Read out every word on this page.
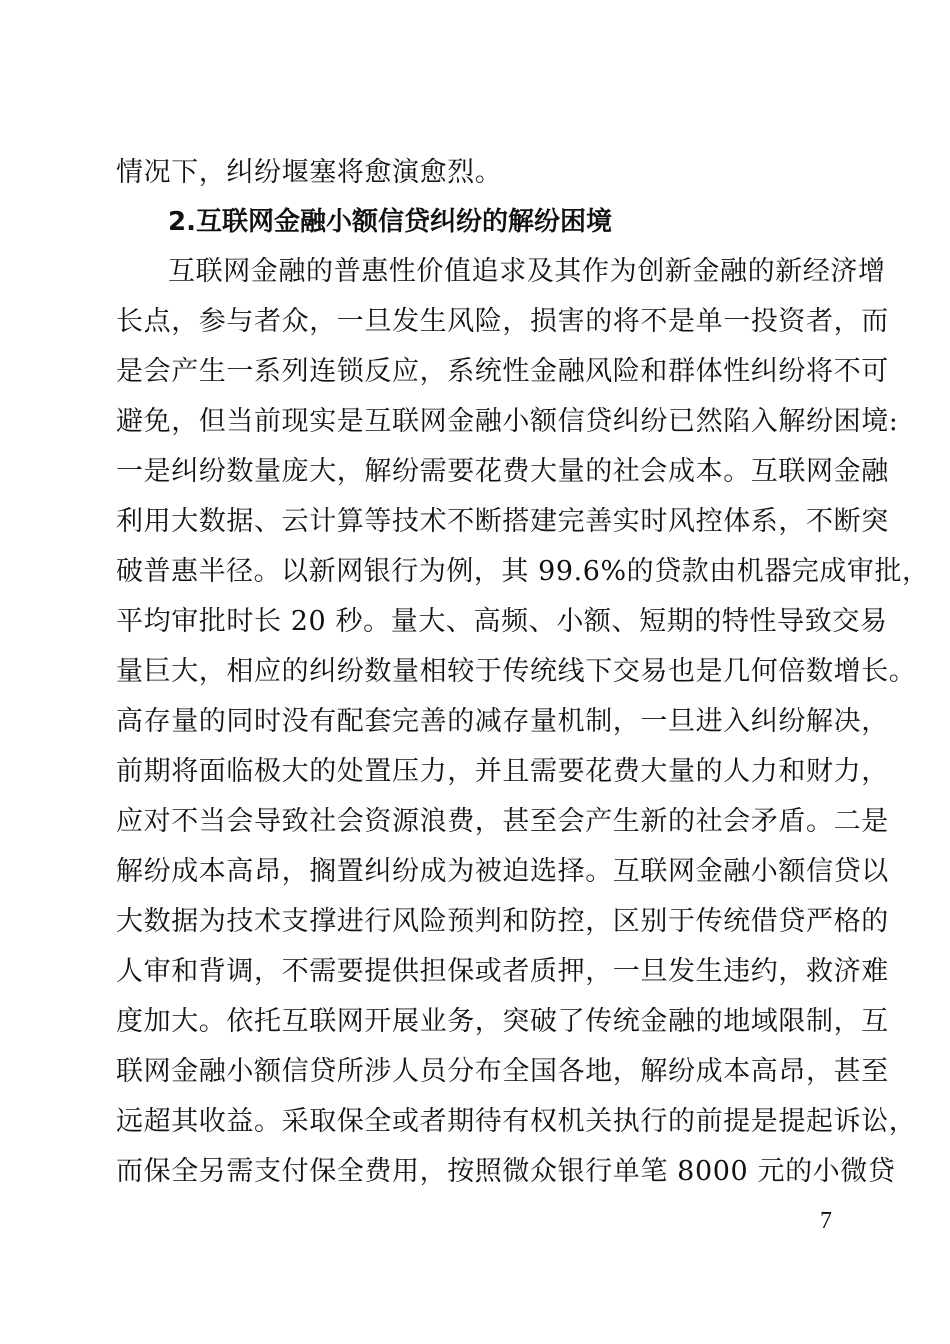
情况下，纠纷堰塞将愈演愈烈。
2.互联网金融小额信贷纠纷的解纷困境
互联网金融的普惠性价值追求及其作为创新金融的新经济增
长点，参与者众，一旦发生风险，损害的将不是单一投资者，而
是会产生一系列连锁反应，系统性金融风险和群体性纠纷将不可
避免，但当前现实是互联网金融小额信贷纠纷已然陷入解纷困境:
一是纠纷数量庞大，解纷需要花费大量的社会成本。互联网金融
利用大数据、云计算等技术不断搭建完善实时风控体系，不断突
破普惠半径。以新网银行为例，其 99.6%的贷款由机器完成审批，
平均审批时长 20 秒。量大、高频、小额、短期的特性导致交易
量巨大，相应的纠纷数量相较于传统线下交易也是几何倍数增长。
高存量的同时没有配套完善的减存量机制，一旦进入纠纷解决，
前期将面临极大的处置压力，并且需要花费大量的人力和财力，
应对不当会导致社会资源浪费，甚至会产生新的社会矛盾。二是
解纷成本高昂，搁置纠纷成为被迫选择。互联网金融小额信贷以
大数据为技术支撑进行风险预判和防控，区别于传统借贷严格的
人审和背调，不需要提供担保或者质押，一旦发生违约，救济难
度加大。依托互联网开展业务，突破了传统金融的地域限制，互
联网金融小额信贷所涉人员分布全国各地，解纷成本高昂，甚至
远超其收益。采取保全或者期待有权机关执行的前提是提起诉讼，
而保全另需支付保全费用，按照微众银行单笔 8000 元的小微贷
7
